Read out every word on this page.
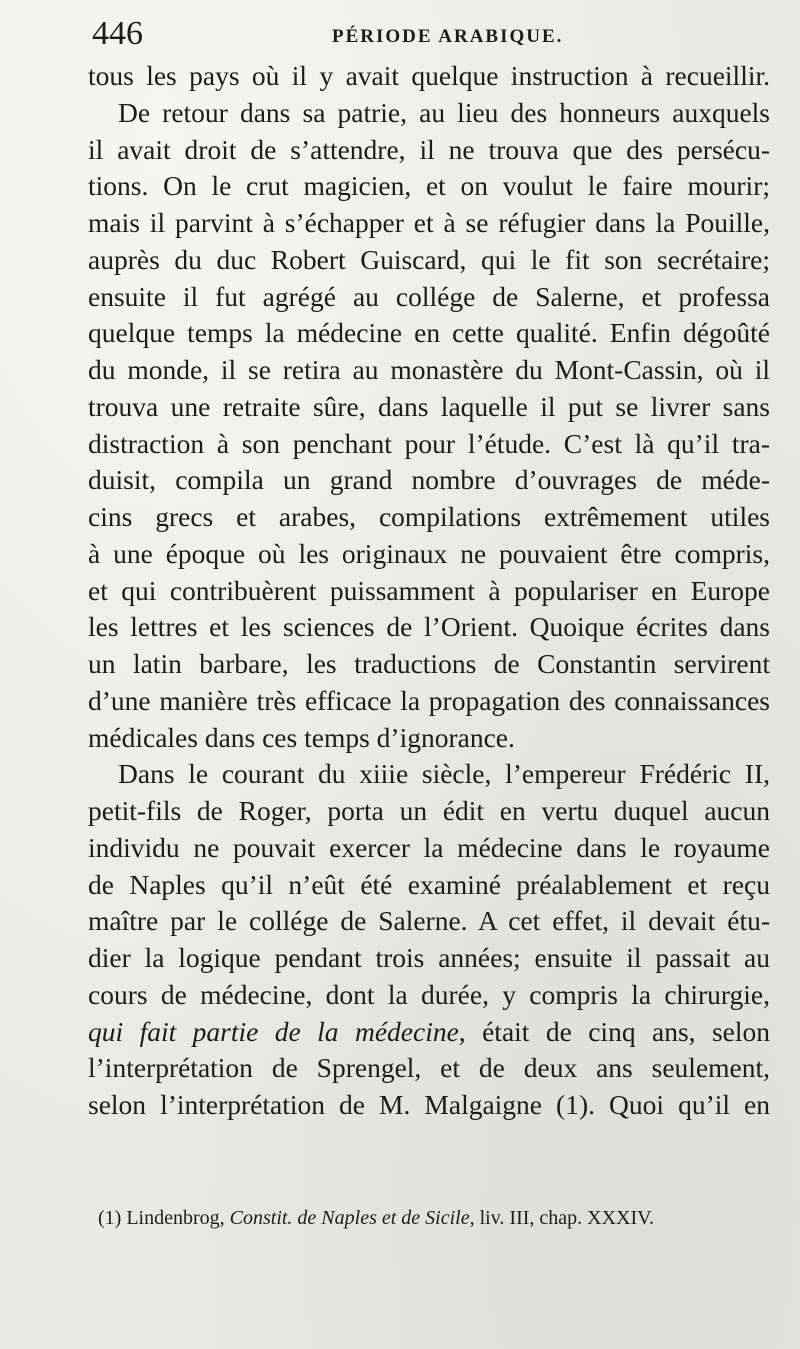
446	PÉRIODE ARABIQUE.
tous les pays où il y avait quelque instruction à recueillir.
De retour dans sa patrie, au lieu des honneurs auxquels
il avait droit de s’attendre, il ne trouva que des persécu-
tions. On le crut magicien, et on voulut le faire mourir;
mais il parvint à s’échapper et à se réfugier dans la Pouille,
auprès du duc Robert Guiscard, qui le fit son secrétaire;
ensuite il fut agrégé au collége de Salerne, et professa
quelque temps la médecine en cette qualité. Enfin dégoûté
du monde, il se retira au monastère du Mont-Cassin, où il
trouva une retraite sûre, dans laquelle il put se livrer sans
distraction à son penchant pour l’étude. C’est là qu’il tra-
duisit, compila un grand nombre d’ouvrages de méde-
cins grecs et arabes, compilations extrêmement utiles
à une époque où les originaux ne pouvaient être compris,
et qui contribuèrent puissamment à populariser en Europe
les lettres et les sciences de l’Orient. Quoique écrites dans
un latin barbare, les traductions de Constantin servirent
d’une manière très efficace la propagation des connaissances
médicales dans ces temps d’ignorance.
Dans le courant du xiiie siècle, l’empereur Frédéric II,
petit-fils de Roger, porta un édit en vertu duquel aucun
individu ne pouvait exercer la médecine dans le royaume
de Naples qu’il n’eût été examiné préalablement et reçu
maître par le collége de Salerne. A cet effet, il devait étu-
dier la logique pendant trois années; ensuite il passait au
cours de médecine, dont la durée, y compris la chirurgie,
qui fait partie de la médecine, était de cinq ans, selon
l’interprétation de Sprengel, et de deux ans seulement,
selon l’interprétation de M. Malgaigne (1). Quoi qu’il en
(1) Lindenbrog, Constit. de Naples et de Sicile, liv. III, chap. XXXIV.
